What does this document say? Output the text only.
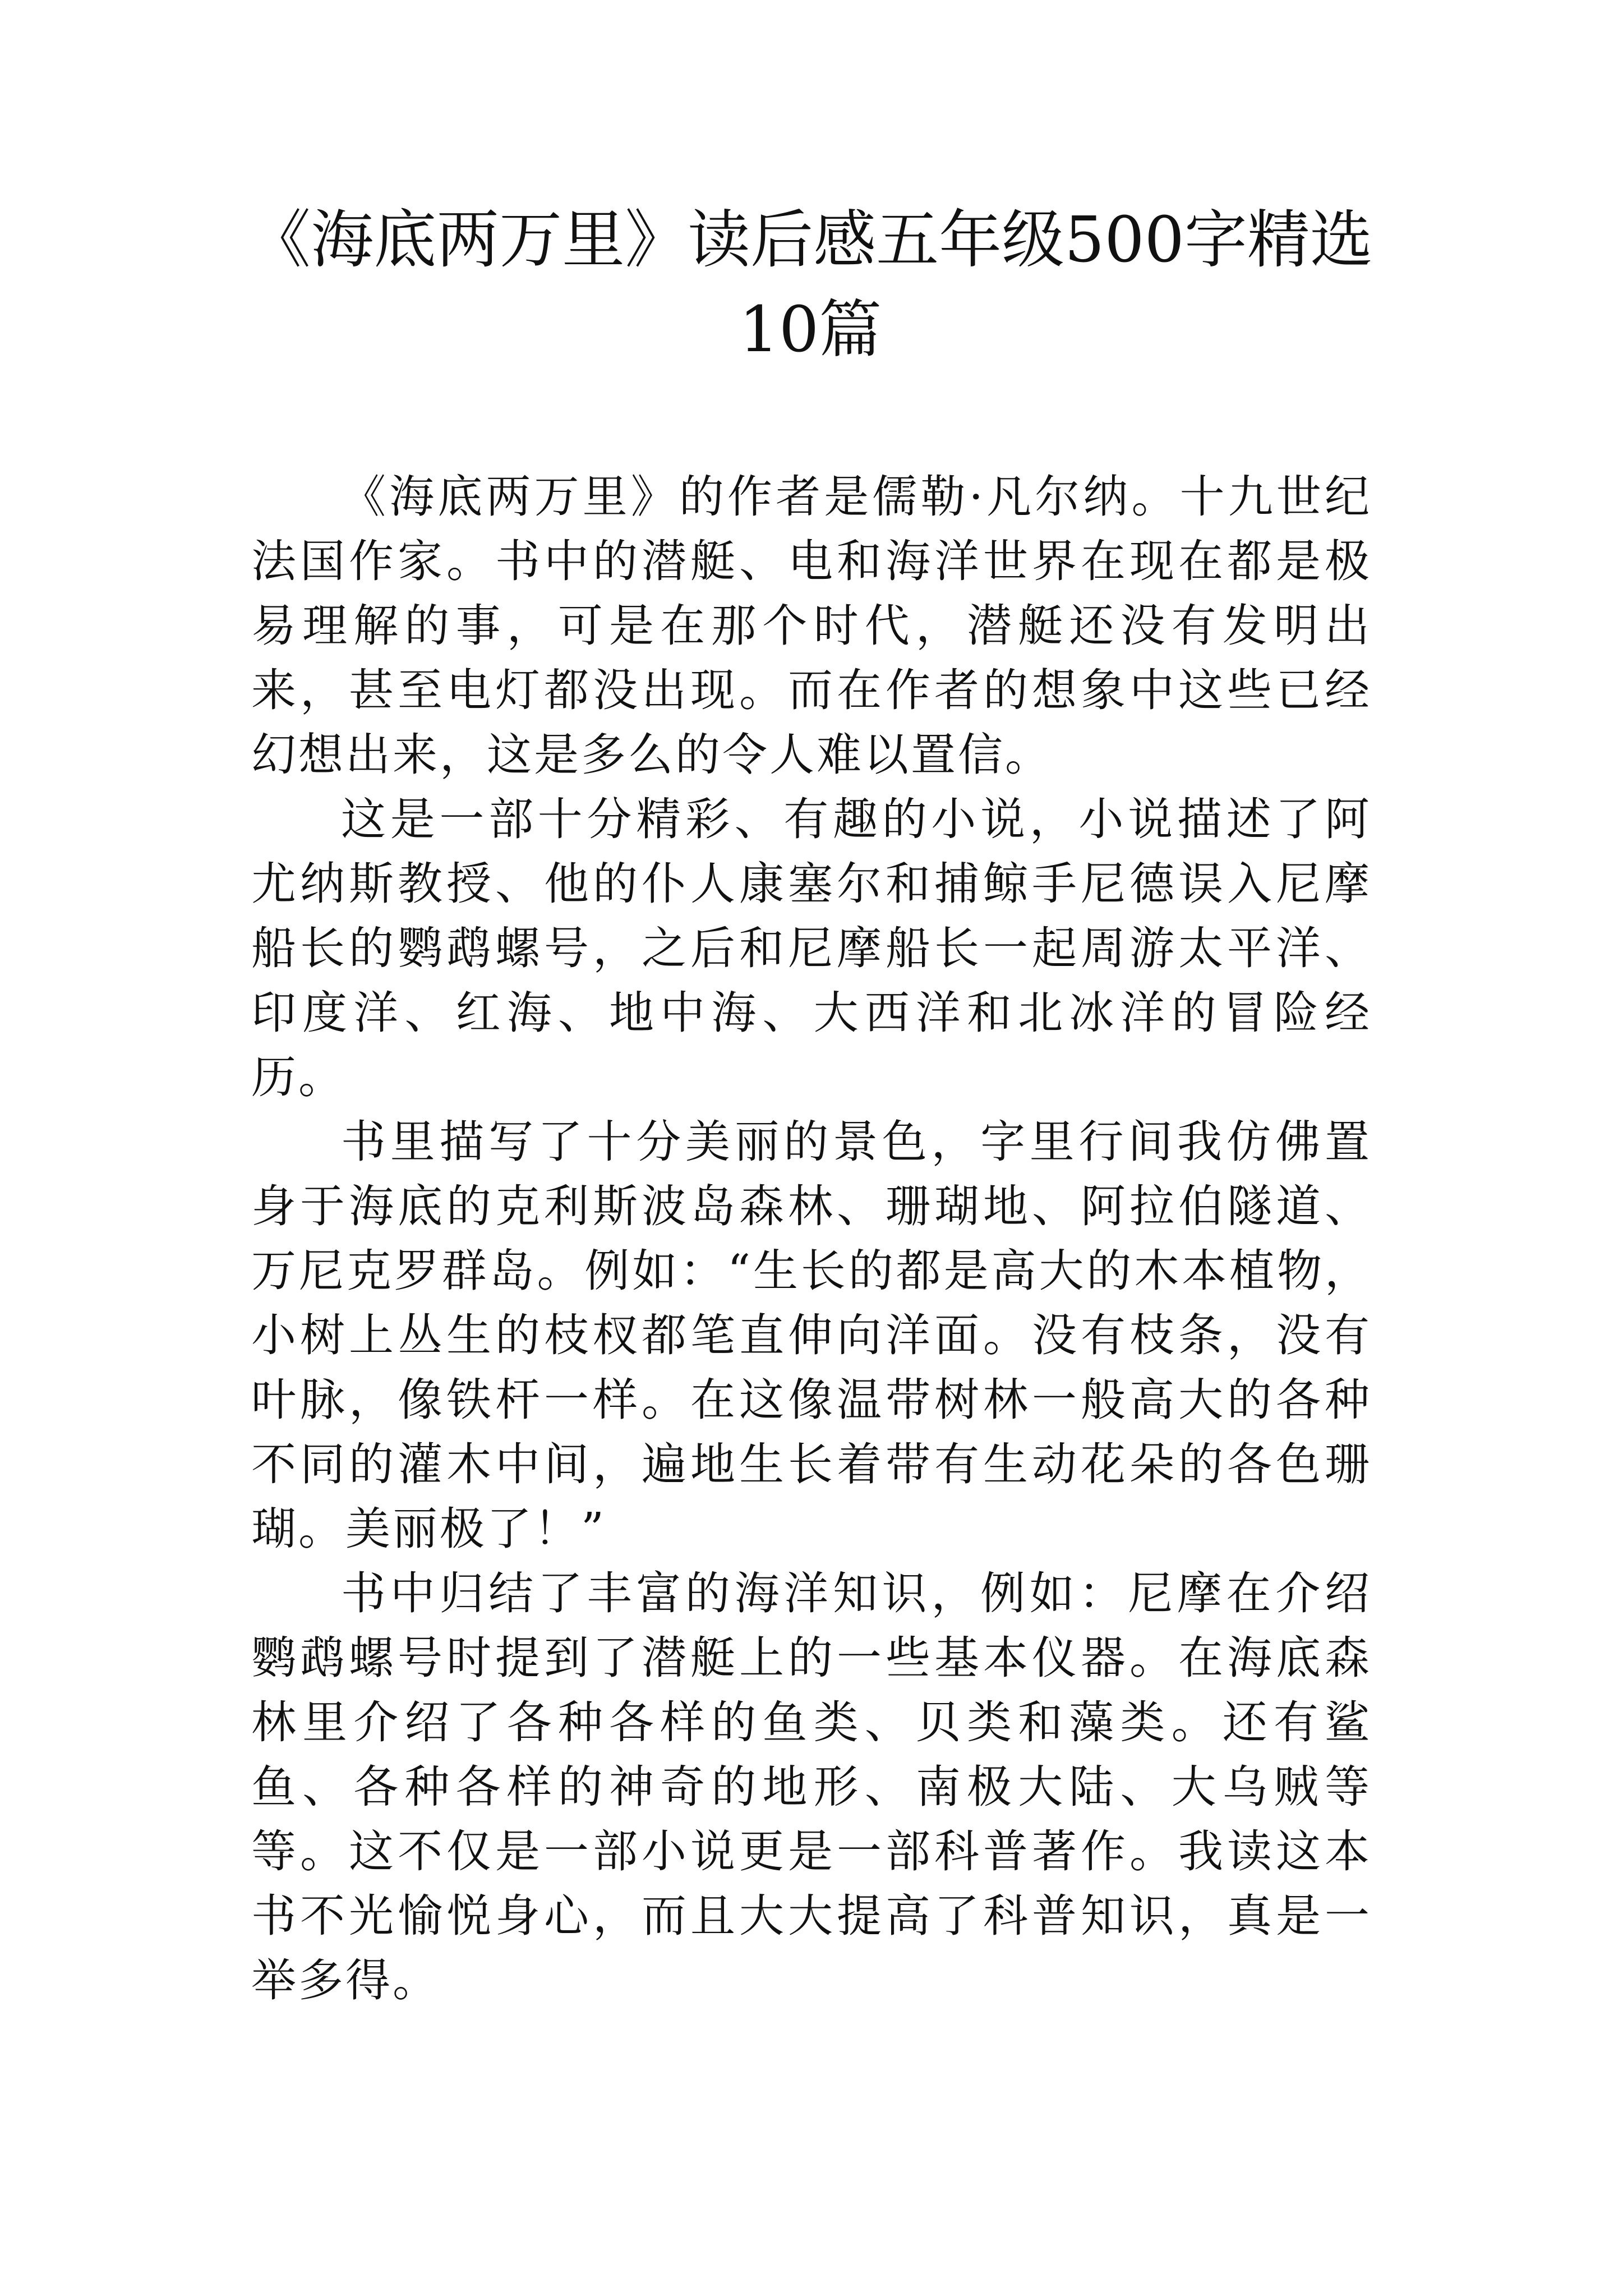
《海底两万里》读后感五年级500字精选10篇

《海底两万里》的作者是儒勒·凡尔纳。十九世纪法国作家。书中的潜艇、电和海洋世界在现在都是极易理解的事，可是在那个时代，潜艇还没有发明出来，甚至电灯都没出现。而在作者的想象中这些已经幻想出来，这是多么的令人难以置信。

这是一部十分精彩、有趣的小说，小说描述了阿 尤纳斯教授、他的仆人康塞尔和捕鲸手尼德误入尼摩船长的鹦鹉螺号，之后和尼摩船长一起周游太平洋、印度洋、红海、地中海、大西洋和北冰洋的冒险经历。

书里描写了十分美丽的景色，字里行间我仿佛置身于海底的克利斯波岛森林、珊瑚地、阿拉伯隧道、万尼克罗群岛。例如：“生长的都是高大的木本植物，小树上丛生的枝杈都笔直伸向洋面。没有枝条，没有叶脉，像铁杆一样。在这像温带树林一般高大的各种不同的灌木中间，遍地生长着带有生动花朵的各色珊瑚。美丽极了！”

书中归结了丰富的海洋知识，例如：尼摩在介绍鹦鹉螺号时提到了潜艇上的一些基本仪器。在海底森林里介绍了各种各样的鱼类、贝类和藻类。还有鲨鱼、各种各样的神奇的地形、南极大陆、大乌贼等等。这不仅是一部小说更是一部科普著作。我读这本书不光愉悦身心，而且大大提高了科普知识，真是一举多得。
